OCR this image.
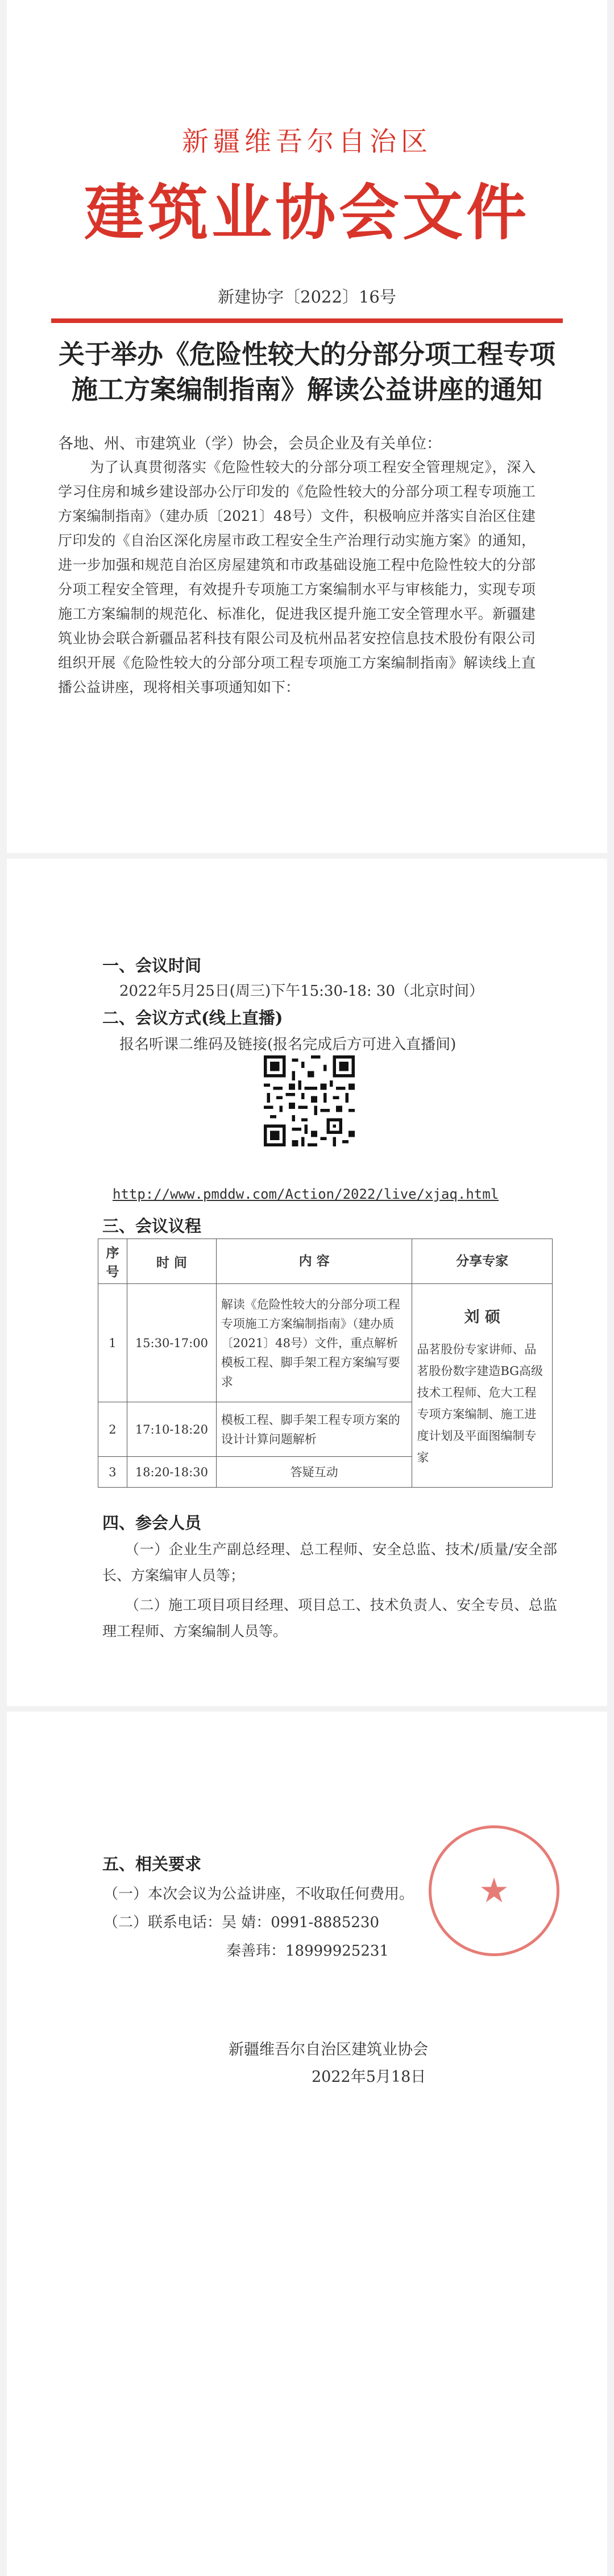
新疆维吾尔自治区
建筑业协会文件
新建协字〔2022〕16号
关于举办《危险性较大的分部分项工程专项
施工方案编制指南》解读公益讲座的通知
各地、州、市建筑业（学）协会，会员企业及有关单位：
为了认真贯彻落实《危险性较大的分部分项工程安全管理规定》，深入学习住房和城乡建设部办公厅印发的《危险性较大的分部分项工程专项施工方案编制指南》（建办质〔2021〕48号）文件，积极响应并落实自治区住建厅印发的《自治区深化房屋市政工程安全生产治理行动实施方案》的通知，进一步加强和规范自治区房屋建筑和市政基础设施工程中危险性较大的分部分项工程安全管理，有效提升专项施工方案编制水平与审核能力，实现专项施工方案编制的规范化、标准化，促进我区提升施工安全管理水平。新疆建筑业协会联合新疆品茗科技有限公司及杭州品茗安控信息技术股份有限公司组织开展《危险性较大的分部分项工程专项施工方案编制指南》解读线上直播公益讲座，现将相关事项通知如下：
一、会议时间
2022年5月25日(周三)下午15:30-18: 30（北京时间）
二、会议方式(线上直播)
报名听课二维码及链接(报名完成后方可进入直播间)
http://www.pmddw.com/Action/2022/live/xjaq.html
三、会议议程
序号	时 间	内 容	分享专家
1	15:30-17:00	解读《危险性较大的分部分项工程专项施工方案编制指南》（建办质〔2021〕48号）文件，重点解析模板工程、脚手架工程方案编写要求	刘 硕
品茗股份专家讲师、品茗股份数字建造BG高级技术工程师、危大工程专项方案编制、施工进度计划及平面图编制专家

2	17:10-18:20	模板工程、脚手架工程专项方案的设计计算问题解析	
3	18:20-18:30	答疑互动	
四、参会人员
（一）企业生产副总经理、总工程师、安全总监、技术/质量/安全部长、方案编审人员等；
（二）施工项目项目经理、项目总工、技术负责人、安全专员、总监理工程师、方案编制人员等。
五、相关要求
（一）本次会议为公益讲座，不收取任何费用。
（二）联系电话：吴 婧：0991-8885230
秦善玮：18999925231
★
新疆维吾尔自治区建筑业协会
2022年5月18日
